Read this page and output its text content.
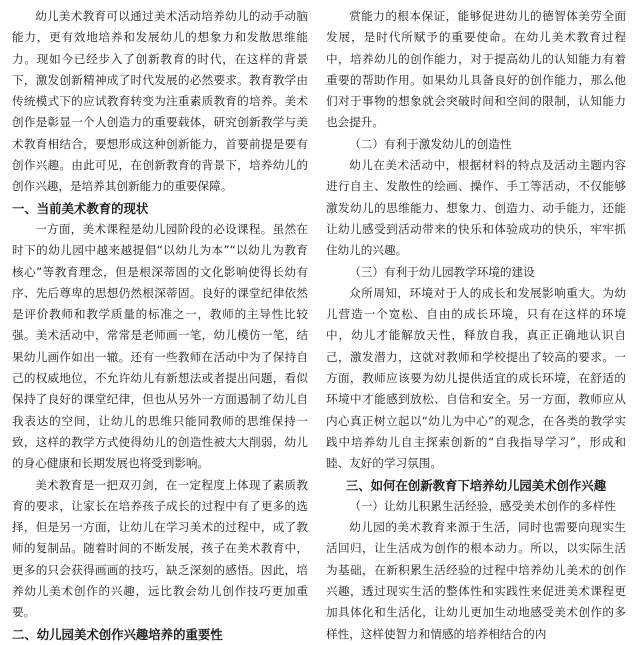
幼儿美术教育可以通过美术活动培养幼儿的动手动脑能力，更有效地培养和发展幼儿的想象力和发散思维能力。现如今已经步入了创新教育的时代，在这样的背景下，激发创新精神成了时代发展的必然要求。教育教学由传统模式下的应试教育转变为注重素质教育的培养。美术创作是彰显一个人创造力的重要载体，研究创新教学与美术教育相结合，要想形成这种创新能力，首要前提是要有创作兴趣。由此可见，在创新教育的背景下，培养幼儿的创作兴趣，是培养其创新能力的重要保障。

一、当前美术教育的现状

一方面，美术课程是幼儿园阶段的必设课程。虽然在时下的幼儿园中越来越提倡“以幼儿为本”“以幼儿为教育核心”等教育理念，但是根深蒂固的文化影响使得长幼有序、先后尊卑的思想仍然根深蒂固。良好的课堂纪律依然是评价教师和教学质量的标准之一，教师的主导性比较强。美术活动中，常常是老师画一笔，幼儿模仿一笔，结果幼儿画作如出一辙。还有一些教师在活动中为了保持自己的权威地位，不允许幼儿有新想法或者提出问题，看似保持了良好的课堂纪律，但也从另外一方面遏制了幼儿自我表达的空间，让幼儿的思维只能同教师的思维保持一致，这样的教学方式使得幼儿的创造性被大大削弱，幼儿的身心健康和长期发展也将受到影响。

美术教育是一把双刃剑，在一定程度上体现了素质教育的要求，让家长在培养孩子成长的过程中有了更多的选择，但是另一方面，让幼儿在学习美术的过程中，成了教师的复制品。随着时间的不断发展，孩子在美术教育中，更多的只会获得画画的技巧，缺乏深刻的感悟。因此，培养幼儿美术创作的兴趣，远比教会幼儿创作技巧更加重要。

二、幼儿园美术创作兴趣培养的重要性

赏能力的根本保证，能够促进幼儿的德智体美劳全面发展，是时代所赋予的重要使命。在幼儿美术教育过程中，培养幼儿的创作能力，对于提高幼儿的认知能力有着重要的帮助作用。如果幼儿具备良好的创作能力，那么他们对于事物的想象就会突破时间和空间的限制，认知能力也会提升。

（二）有利于激发幼儿的创造性

幼儿在美术活动中，根据材料的特点及活动主题内容进行自主、发散性的绘画、操作、手工等活动，不仅能够激发幼儿的思维能力、想象力、创造力、动手能力，还能让幼儿感受到活动带来的快乐和体验成功的快乐，牢牢抓住幼儿的兴趣。

（三）有利于幼儿园教学环境的建设

众所周知，环境对于人的成长和发展影响重大。为幼儿营造一个宽松、自由的成长环境，只有在这样的环境中，幼儿才能解放天性，释放自我，真正正确地认识自己，激发潜力，这就对教师和学校提出了较高的要求。一方面，教师应该要为幼儿提供适宜的成长环境，在舒适的环境中才能感到放松、自信和安全。另一方面，教师应从内心真正树立起以“幼儿为中心”的观念，在各类的教学实践中培养幼儿自主探索创新的“自我指导学习”，形成和睦、友好的学习氛围。

三、如何在创新教育下培养幼儿园美术创作兴趣

（一）让幼儿积累生活经验，感受美术创作的多样性

幼儿园的美术教育来源于生活，同时也需要向现实生活回归，让生活成为创作的根本动力。所以，以实际生活为基础，在新积累生活经验的过程中培养幼儿美术的创作兴趣，透过现实生活的整体性和实践性来促进美术课程更加具体化和生活化，让幼儿更加生动地感受美术创作的多样性，这样使智力和情感的培养相结合的内
